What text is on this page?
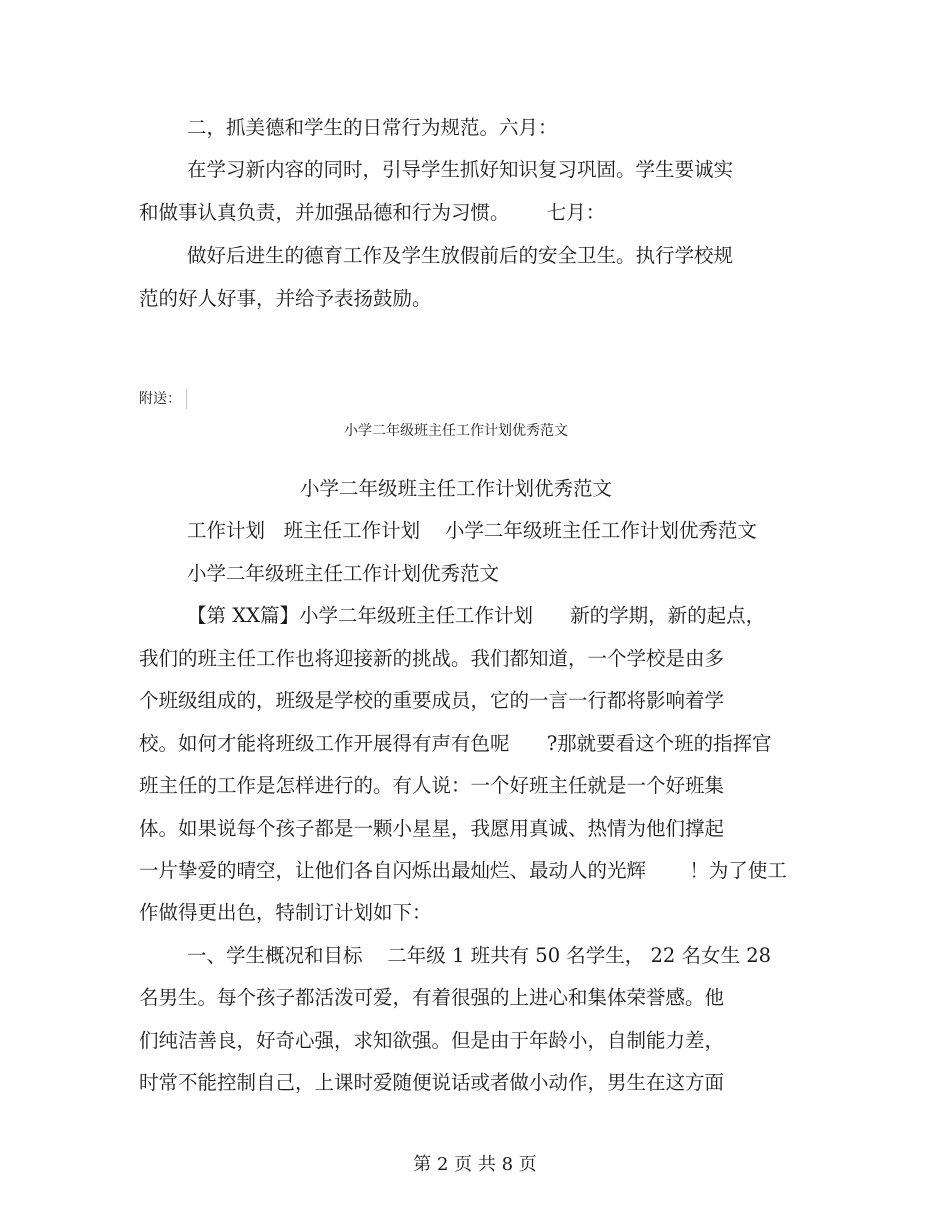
二，抓美德和学生的日常行为规范。六月：
在学习新内容的同时，引导学生抓好知识复习巩固。学生要诚实
和做事认真负责，并加强品德和行为习惯。      七月：
做好后进生的德育工作及学生放假前后的安全卫生。执行学校规
范的好人好事，并给予表扬鼓励。
附送：
小学二年级班主任工作计划优秀范文
小学二年级班主任工作计划优秀范文
工作计划   班主任工作计划    小学二年级班主任工作计划优秀范文
小学二年级班主任工作计划优秀范文
【第 XX篇】小学二年级班主任工作计划      新的学期，新的起点，
我们的班主任工作也将迎接新的挑战。我们都知道，一个学校是由多
个班级组成的，班级是学校的重要成员，它的一言一行都将影响着学
校。如何才能将班级工作开展得有声有色呢      ?那就要看这个班的指挥官
班主任的工作是怎样进行的。有人说：一个好班主任就是一个好班集
体。如果说每个孩子都是一颗小星星，我愿用真诚、热情为他们撑起
一片挚爱的晴空，让他们各自闪烁出最灿烂、最动人的光辉       ！为了使工
作做得更出色，特制订计划如下：
一、学生概况和目标    二年级 1 班共有 50 名学生， 22 名女生 28
名男生。每个孩子都活泼可爱，有着很强的上进心和集体荣誉感。他
们纯洁善良，好奇心强，求知欲强。但是由于年龄小，自制能力差，
时常不能控制自己，上课时爱随便说话或者做小动作，男生在这方面
第 2 页 共 8 页
